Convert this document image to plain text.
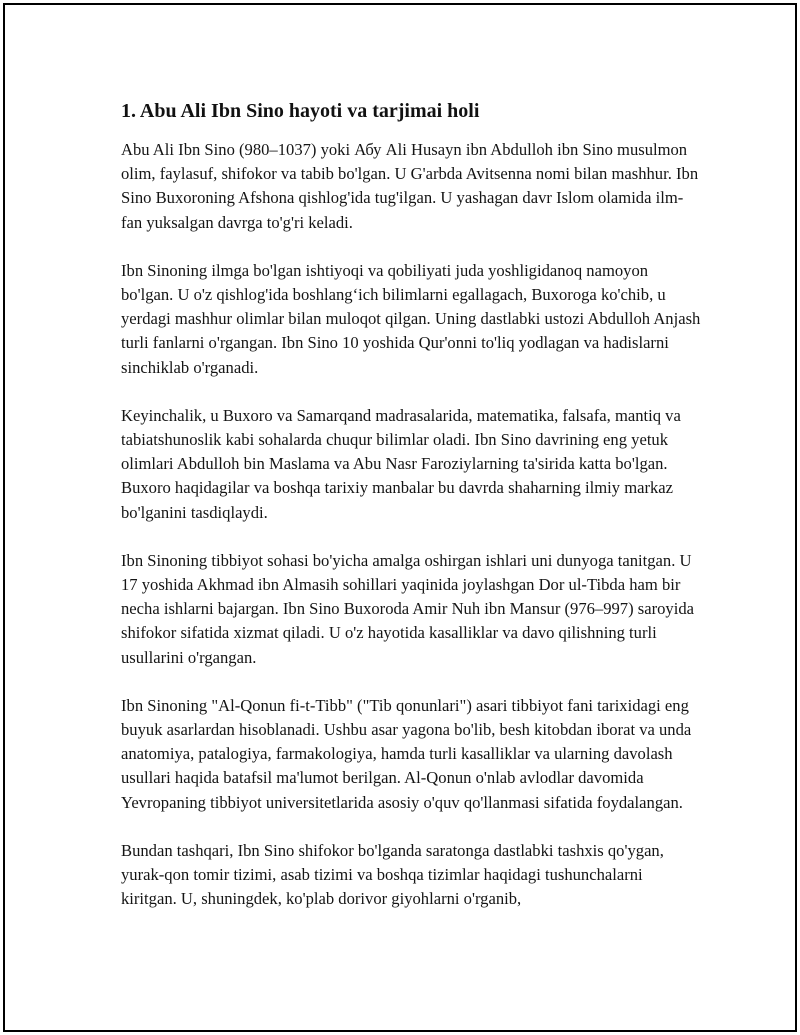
1. Abu Ali Ibn Sino hayoti va tarjimai holi

Abu Ali Ibn Sino (980–1037) yoki Абу Ali Husayn ibn Abdulloh ibn Sino musulmon olim, faylasuf, shifokor va tabib bo'lgan. U G'arbda Avitsenna nomi bilan mashhur. Ibn Sino Buxoroning Afshona qishlog'ida tug'ilgan. U yashagan davr Islom olamida ilm-fan yuksalgan davrga to'g'ri keladi.

Ibn Sinoning ilmga bo'lgan ishtiyoqi va qobiliyati juda yoshligidanoq namoyon bo'lgan. U o'z qishlog'ida boshlang‘ich bilimlarni egallagach, Buxoroga ko'chib, u yerdagi mashhur olimlar bilan muloqot qilgan. Uning dastlabki ustozi Abdulloh Anjash turli fanlarni o'rgangan. Ibn Sino 10 yoshida Qur'onni to'liq yodlagan va hadislarni sinchiklab o'rganadi.

Keyinchalik, u Buxoro va Samarqand madrasalarida, matematika, falsafa, mantiq va tabiatshunoslik kabi sohalarda chuqur bilimlar oladi. Ibn Sino davrining eng yetuk olimlari Abdulloh bin Maslama va Abu Nasr Faroziylarning ta'sirida katta bo'lgan. Buxoro haqidagilar va boshqa tarixiy manbalar bu davrda shaharning ilmiy markaz bo'lganini tasdiqlaydi.

Ibn Sinoning tibbiyot sohasi bo'yicha amalga oshirgan ishlari uni dunyoga tanitgan. U 17 yoshida Akhmad ibn Almasih sohillari yaqinida joylashgan Dor ul-Tibda ham bir necha ishlarni bajargan. Ibn Sino Buxoroda Amir Nuh ibn Mansur (976–997) saroyida shifokor sifatida xizmat qiladi. U o'z hayotida kasalliklar va davo qilishning turli usullarini o'rgangan.

Ibn Sinoning "Al-Qonun fi-t-Tibb" ("Tib qonunlari") asari tibbiyot fani tarixidagi eng buyuk asarlardan hisoblanadi. Ushbu asar yagona bo'lib, besh kitobdan iborat va unda anatomiya, patalogiya, farmakologiya, hamda turli kasalliklar va ularning davolash usullari haqida batafsil ma'lumot berilgan. Al-Qonun o'nlab avlodlar davomida Yevropaning tibbiyot universitetlarida asosiy o'quv qo'llanmasi sifatida foydalangan.

Bundan tashqari, Ibn Sino shifokor bo'lganda saratonga dastlabki tashxis qo'ygan, yurak-qon tomir tizimi, asab tizimi va boshqa tizimlar haqidagi tushunchalarni kiritgan. U, shuningdek, ko'plab dorivor giyohlarni o'rganib,
